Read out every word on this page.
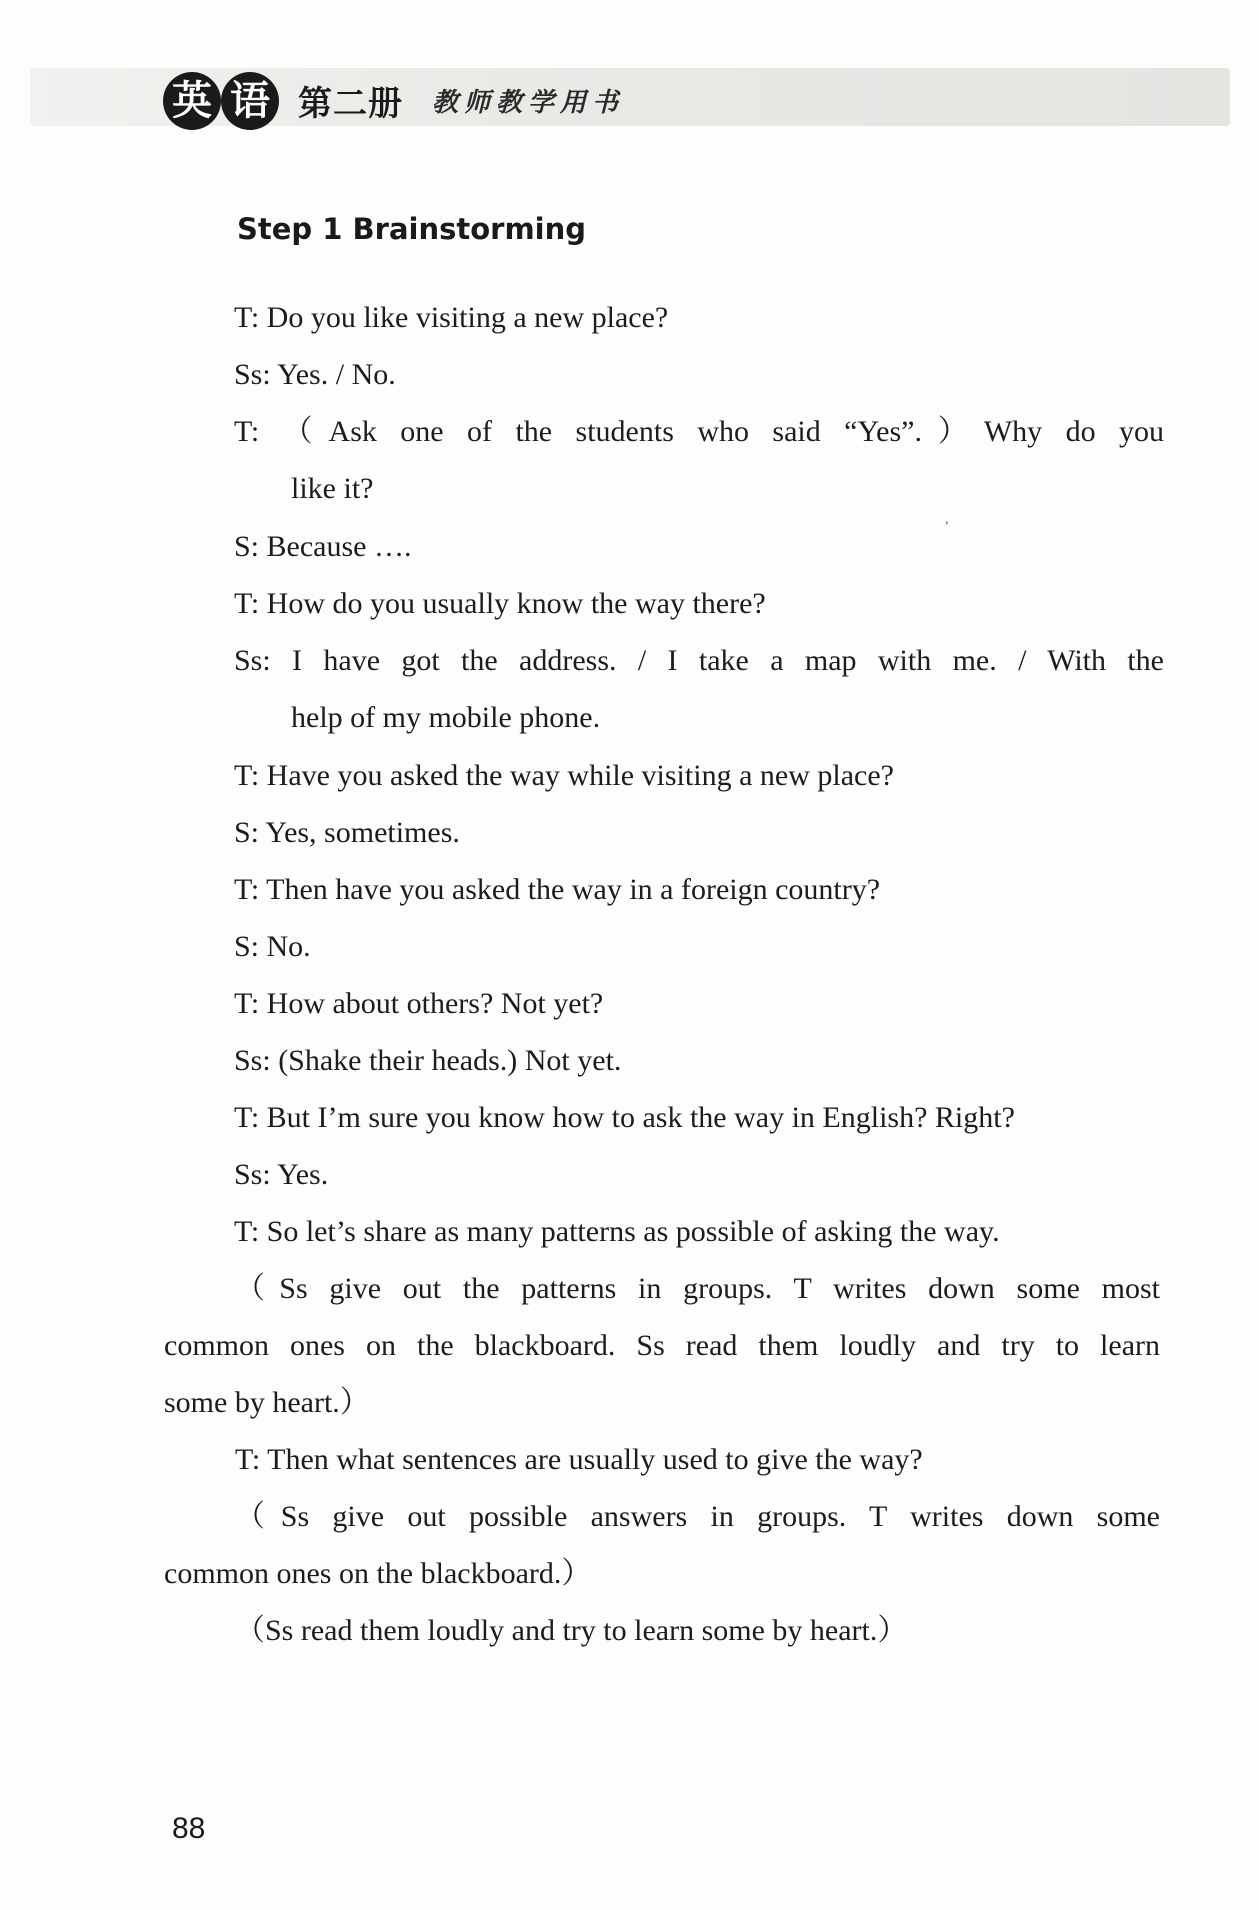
英 语 第二册 教师教学用书
Step 1 Brainstorming
T: Do you like visiting a new place?
Ss: Yes. / No.
T: （Ask one of the students who said “Yes”.）Why do you
like it?
S: Because ….
T: How do you usually know the way there?
Ss: I have got the address. / I take a map with me. / With the
help of my mobile phone.
T: Have you asked the way while visiting a new place?
S: Yes, sometimes.
T: Then have you asked the way in a foreign country?
S: No.
T: How about others? Not yet?
Ss: (Shake their heads.) Not yet.
T: But I’m sure you know how to ask the way in English? Right?
Ss: Yes.
T: So let’s share as many patterns as possible of asking the way.
（Ss give out the patterns in groups. T writes down some most
common ones on the blackboard. Ss read them loudly and try to learn
some by heart.）
T: Then what sentences are usually used to give the way?
（Ss give out possible answers in groups. T writes down some
common ones on the blackboard.）
（Ss read them loudly and try to learn some by heart.）
,
88
